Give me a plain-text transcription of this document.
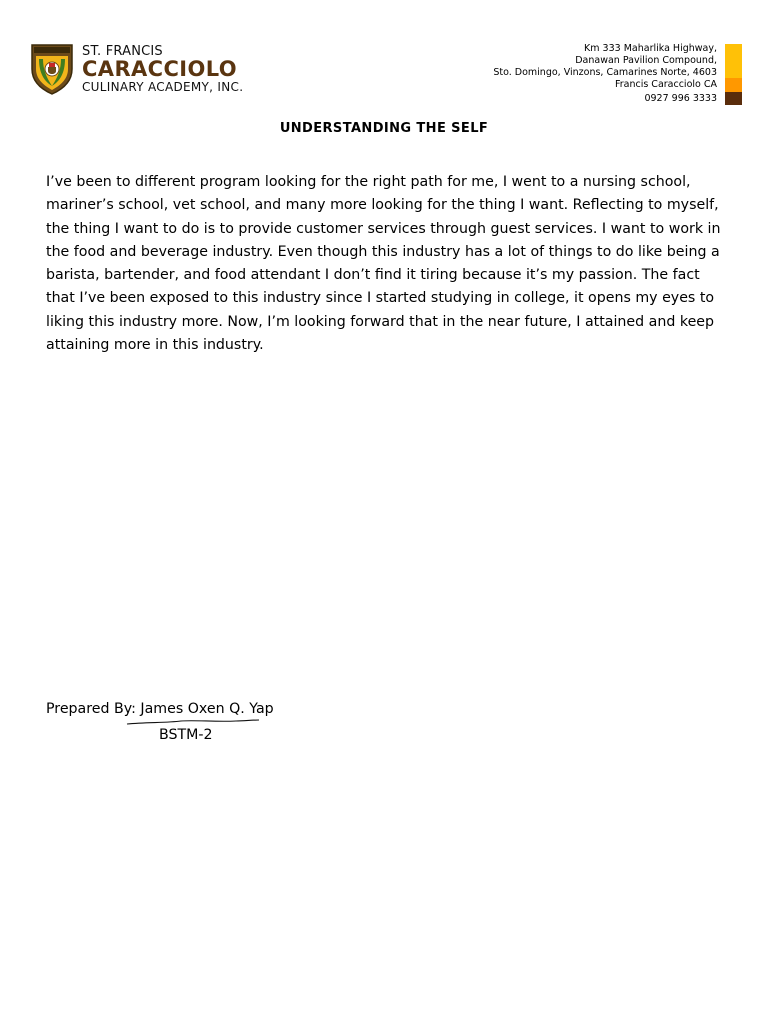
ST. FRANCIS
CARACCIOLO
CULINARY ACADEMY, INC.
Km 333 Maharlika Highway,
Danawan Pavilion Compound,
Sto. Domingo, Vinzons, Camarines Norte, 4603
Francis Caracciolo CA
0927 996 3333
UNDERSTANDING THE SELF

I’ve been to different program looking for the right path for me, I went to a nursing school, mariner’s school, vet school, and many more looking for the thing I want. Reflecting to myself, the thing I want to do is to provide customer services through guest services. I want to work in the food and beverage industry. Even though this industry has a lot of things to do like being a barista, bartender, and food attendant I don’t find it tiring because it’s my passion. The fact that I’ve been exposed to this industry since I started studying in college, it opens my eyes to liking this industry more. Now, I’m looking forward that in the near future, I attained and keep attaining more in this industry.

Prepared By: James Oxen Q. Yap
BSTM-2
